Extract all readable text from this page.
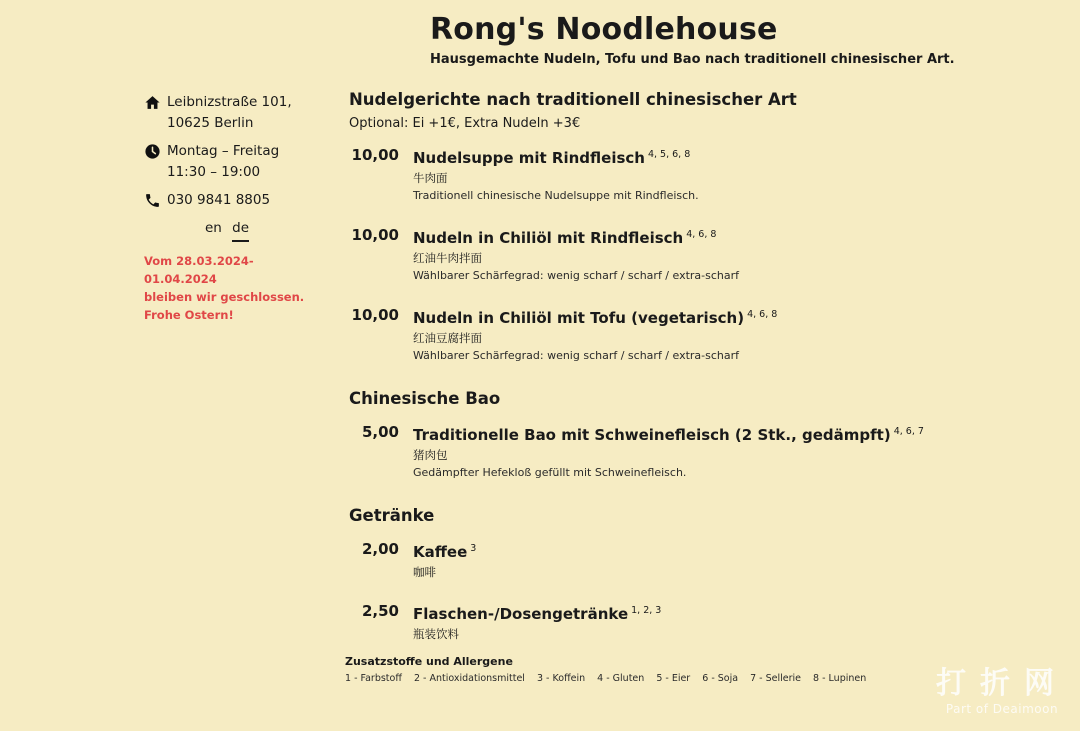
Rong's Noodlehouse
Hausgemachte Nudeln, Tofu und Bao nach traditionell chinesischer Art.
Leibnizstraße 101,
10625 Berlin
Montag – Freitag
11:30 – 19:00
030 9841 8805
en de
Vom 28.03.2024-01.04.2024
bleiben wir geschlossen.
Frohe Ostern!
Nudelgerichte nach traditionell chinesischer Art
Optional: Ei +1€, Extra Nudeln +3€
10,00 Nudelsuppe mit Rindfleisch $^{4, 5, 6, 8}$
牛肉面
Traditionell chinesische Nudelsuppe mit Rindfleisch.
10,00 Nudeln in Chiliöl mit Rindfleisch $^{4, 6, 8}$
红油牛肉拌面
Wählbarer Schärfegrad: wenig scharf / scharf / extra-scharf
10,00 Nudeln in Chiliöl mit Tofu (vegetarisch) $^{4, 6, 8}$
红油豆腐拌面
Wählbarer Schärfegrad: wenig scharf / scharf / extra-scharf
Chinesische Bao
5,00 Traditionelle Bao mit Schweinefleisch (2 Stk., gedämpft) $^{4, 6, 7}$
猪肉包
Gedämpfter Hefekloß gefüllt mit Schweinefleisch.
Getränke
2,00 Kaffee $^3$
咖啡
2,50 Flaschen-/Dosengetränke $^{1, 2, 3}$
瓶装饮料
Zusatzstoffe und Allergene
1 - Farbstoff 2 - Antioxidationsmittel 3 - Koffein 4 - Gluten 5 - Eier 6 - Soja 7 - Sellerie 8 - Lupinen	打折网
Part of Deaimoon
